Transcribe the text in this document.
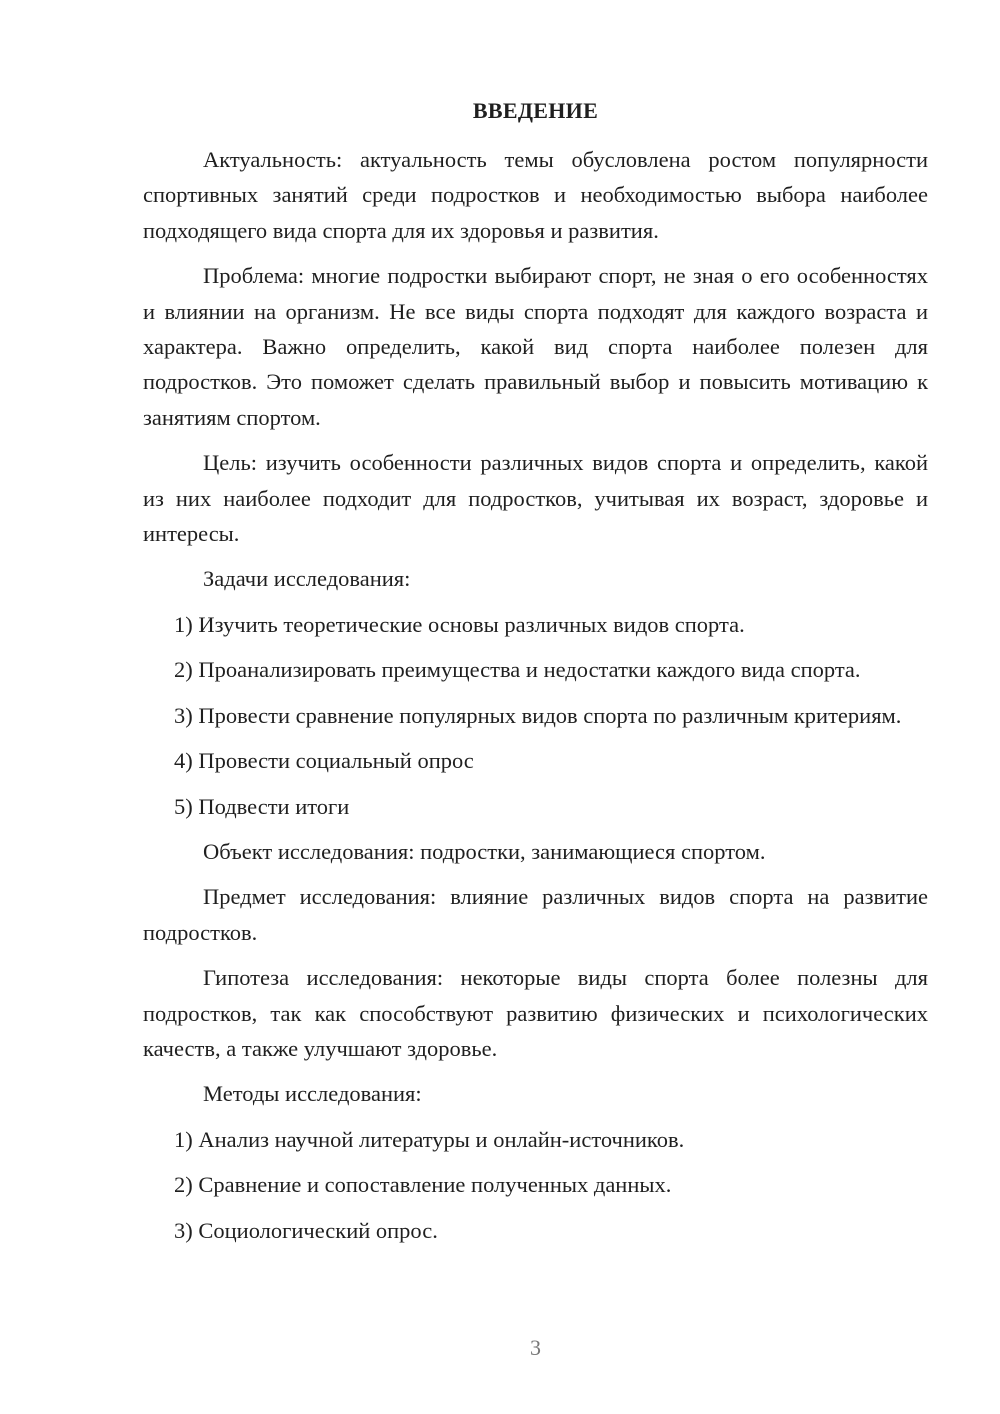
ВВЕДЕНИЕ

Актуальность: актуальность темы обусловлена ростом популярности спортивных занятий среди подростков и необходимостью выбора наиболее подходящего вида спорта для их здоровья и развития.

Проблема: многие подростки выбирают спорт, не зная о его особенностях и влиянии на организм. Не все виды спорта подходят для каждого возраста и характера. Важно определить, какой вид спорта наиболее полезен для подростков. Это поможет сделать правильный выбор и повысить мотивацию к занятиям спортом.

Цель: изучить особенности различных видов спорта и определить, какой из них наиболее подходит для подростков, учитывая их возраст, здоровье и интересы.

Задачи исследования:

1) Изучить теоретические основы различных видов спорта.

2) Проанализировать преимущества и недостатки каждого вида спорта.

3) Провести сравнение популярных видов спорта по различным критериям.

4) Провести социальный опрос

5) Подвести итоги

Объект исследования: подростки, занимающиеся спортом.

Предмет исследования: влияние различных видов спорта на развитие подростков.

Гипотеза исследования: некоторые виды спорта более полезны для подростков, так как способствуют развитию физических и психологических качеств, а также улучшают здоровье.

Методы исследования:

1) Анализ научной литературы и онлайн-источников.

2) Сравнение и сопоставление полученных данных.

3) Социологический опрос.

3
